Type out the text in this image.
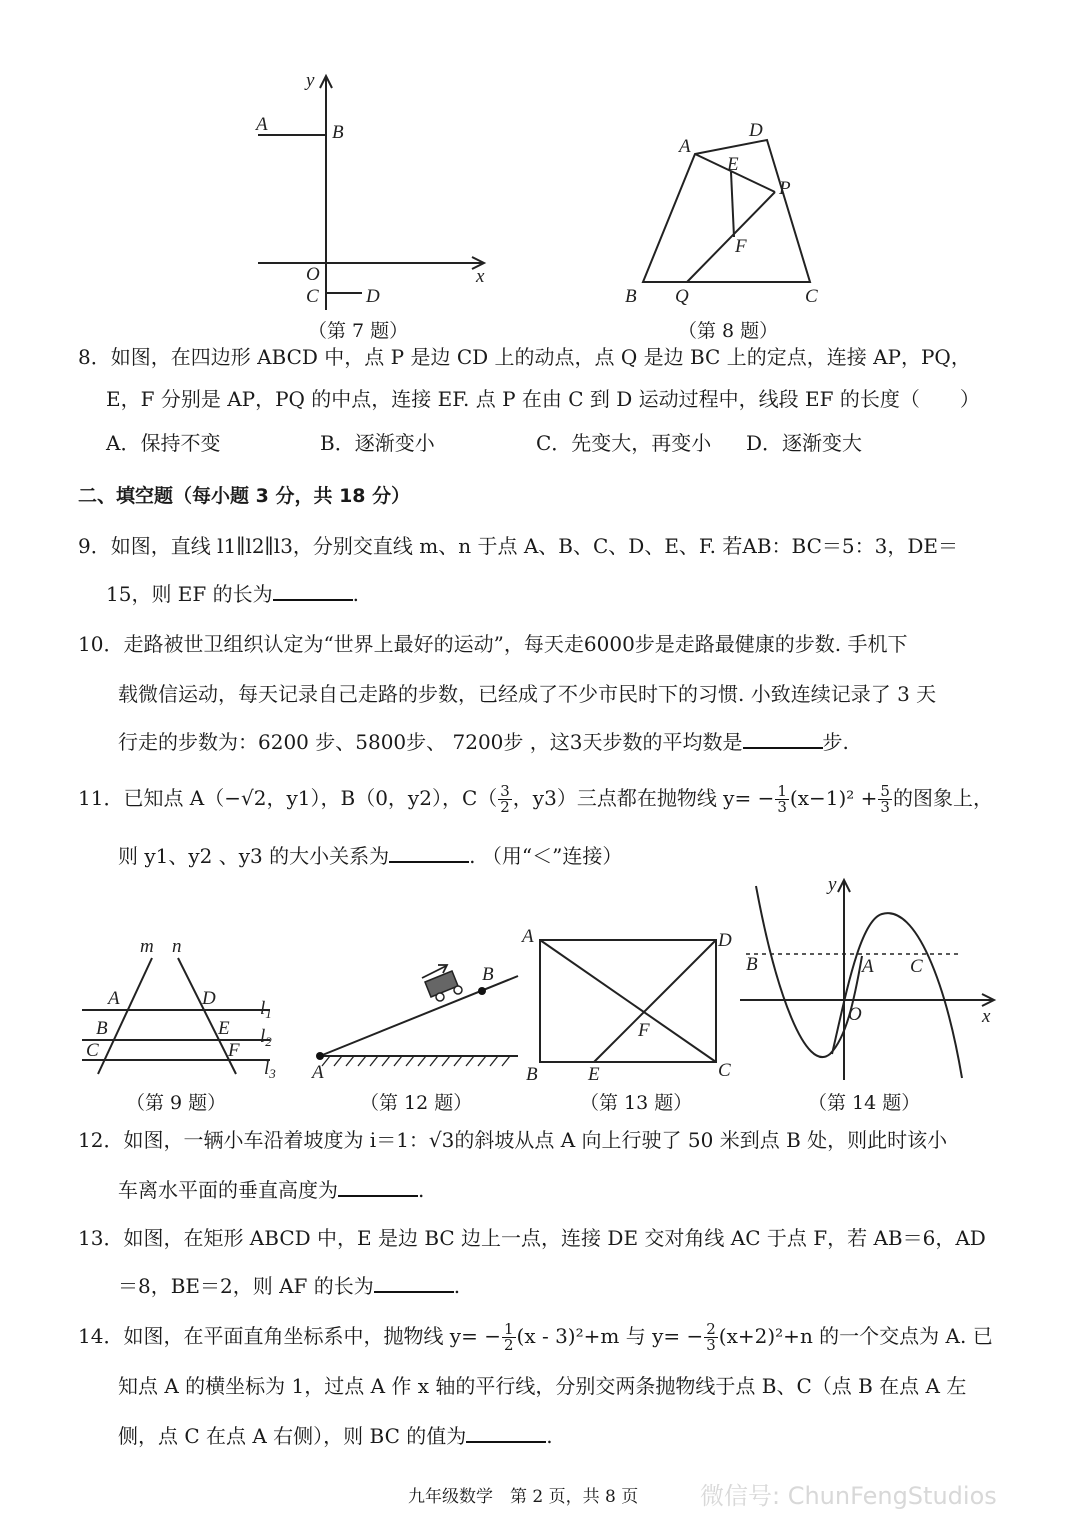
y
x
A	B
O
C D
（第 7 题）
A
D
E
P
F
B Q	C
（第 8 题）
8．如图，在四边形 ABCD 中，点 P 是边 CD 上的动点，点 Q 是边 BC 上的定点，连接 AP，PQ，
E，F 分别是 AP，PQ 的中点，连接 EF. 点 P 在由 C 到 D 运动过程中，线段 EF 的长度（　　）
A．保持不变	B．逐渐变小	C．先变大，再变小 D．逐渐变大
二、填空题（每小题 3 分，共 18 分）
9．如图，直线 l1∥l2∥l3，分别交直线 m、n 于点 A、B、C、D、E、F. 若AB：BC＝5：3，DE＝
15，则 EF 的长为	.
10．走路被世卫组织认定为“世界上最好的运动”，每天走6000步是走路最健康的步数. 手机下
载微信运动，每天记录自己走路的步数，已经成了不少市民时下的习惯. 小致连续记录了 3 天
行走的步数为：6200 步、5800步、 7200步 ，这3天步数的平均数是	步.
11．已知点 A（−√2，y1），B（0，y2），$C( \frac{3}{2}$ ，y3）三点都在抛物线 $y= - \frac{1}{3} (x-1)^2 + \frac{5}{3}$ 的图象上，
则 y1、y2 、y3 的大小关系为	. （用“＜”连接）
m n
A	D
B	E
C	F
$l_1$
$l_2$
$l_3$
（第 9 题）
B
A
（第 12 题）
A	D
F
B	E	C
（第 13 题）
B	A C
O
y
x
（第 14 题）
12．如图，一辆小车沿着坡度为 i＝1：√3的斜坡从点 A 向上行驶了 50 米到点 B 处，则此时该小
车离水平面的垂直高度为	.
13．如图，在矩形 ABCD 中，E 是边 BC 边上一点，连接 DE 交对角线 AC 于点 F，若 AB＝6，AD
＝8，BE＝2，则 AF 的长为	.
14．如图，在平面直角坐标系中，抛物线 $y= - \frac{1}{2} (x - 3)^2+m$ 与 $y= - \frac{2}{3} (x+2)^2+n$ 的一个交点为 A. 已
知点 A 的横坐标为 1，过点 A 作 x 轴的平行线，分别交两条抛物线于点 B、C（点 B 在点 A 左
侧，点 C 在点 A 右侧），则 BC 的值为	.
九年级数学　第 2 页，共 8 页	微信号: ChunFengStudios
